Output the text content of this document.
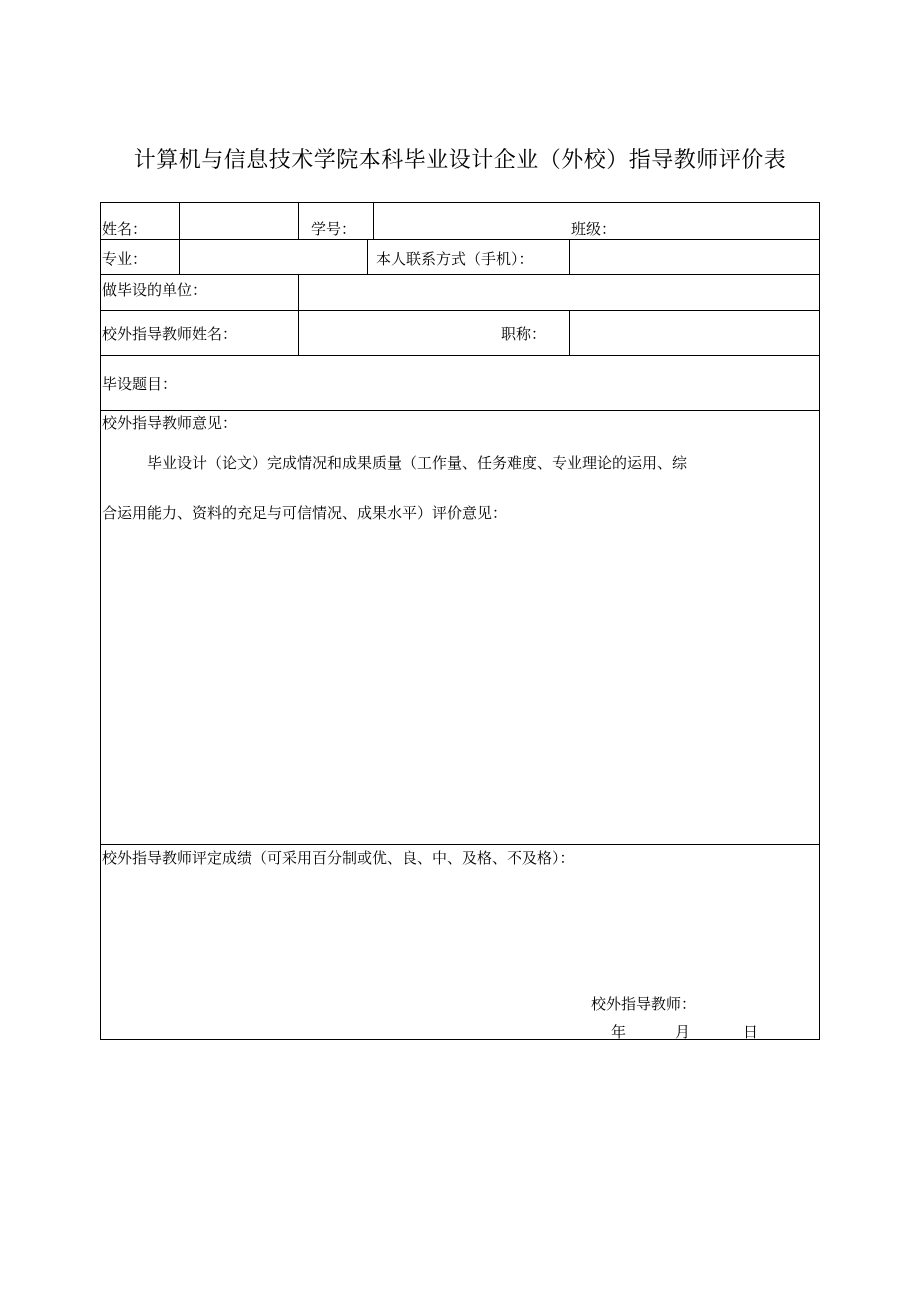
计算机与信息技术学院本科毕业设计企业（外校）指导教师评价表
姓名：	学号：	班级：
专业：	本人联系方式（手机）：
做毕设的单位：
校外指导教师姓名：	职称：
毕设题目：
校外指导教师意见：
毕业设计（论文）完成情况和成果质量（工作量、任务难度、专业理论的运用、综
合运用能力、资料的充足与可信情况、成果水平）评价意见：
校外指导教师评定成绩（可采用百分制或优、良、中、及格、不及格）：
校外指导教师：
年	月	日
